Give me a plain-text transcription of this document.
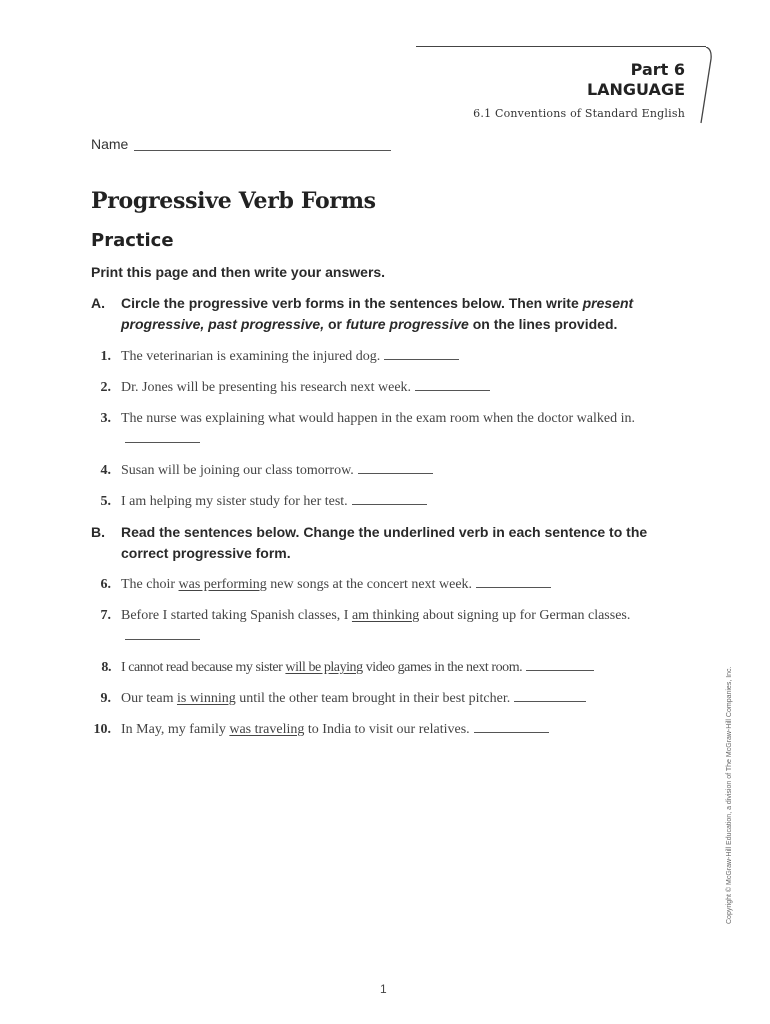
Part 6
LANGUAGE
6.1 Conventions of Standard English
Name
Progressive Verb Forms
Practice
Print this page and then write your answers.
A. Circle the progressive verb forms in the sentences below. Then write present progressive, past progressive, or future progressive on the lines provided.
1. The veterinarian is examining the injured dog.
2. Dr. Jones will be presenting his research next week.
3. The nurse was explaining what would happen in the exam room when the doctor walked in.
4. Susan will be joining our class tomorrow.
5. I am helping my sister study for her test.
B. Read the sentences below. Change the underlined verb in each sentence to the correct progressive form.
6. The choir was performing new songs at the concert next week.
7. Before I started taking Spanish classes, I am thinking about signing up for German classes.
8. I cannot read because my sister will be playing video games in the next room.
9. Our team is winning until the other team brought in their best pitcher.
10. In May, my family was traveling to India to visit our relatives.	Copyright © McGraw-Hill Education, a division of The McGraw-Hill Companies, Inc.
1
